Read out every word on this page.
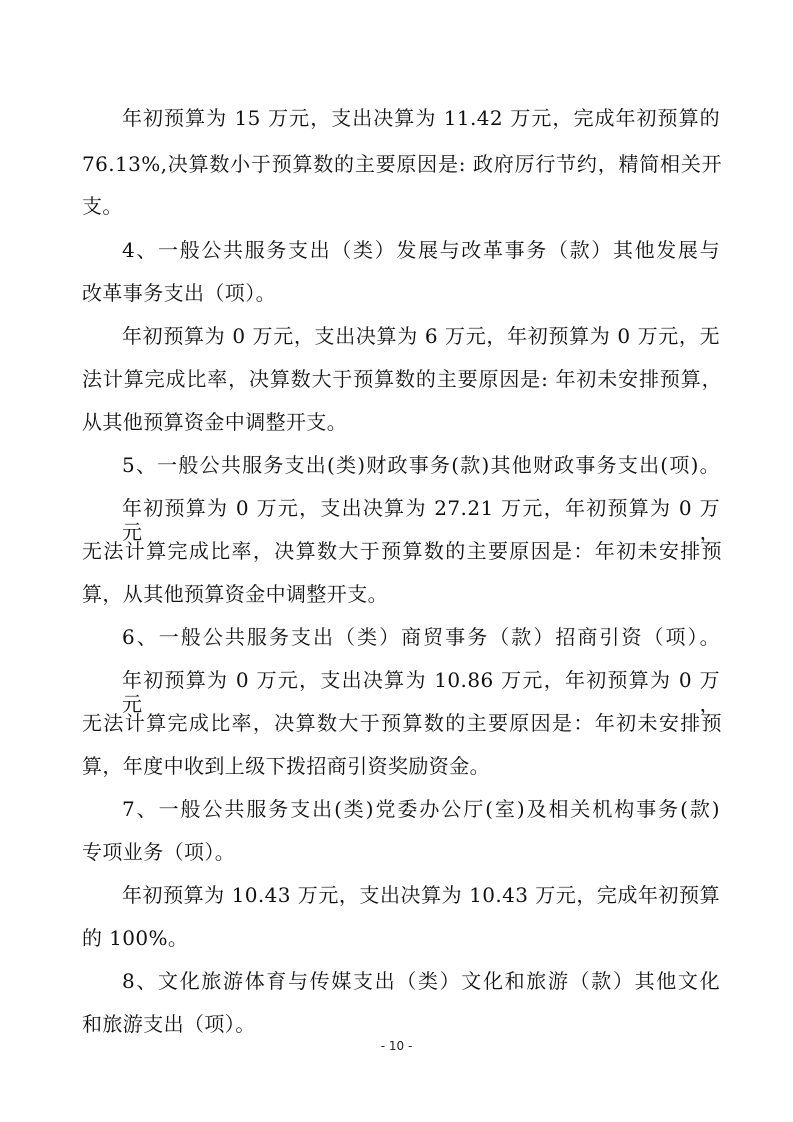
年初预算为 15 万元，支出决算为 11.42 万元，完成年初预算的
76.13%,决算数小于预算数的主要原因是: 政府厉行节约，精简相关开
支。
4、一般公共服务支出（类）发展与改革事务（款）其他发展与
改革事务支出（项）。
年初预算为 0 万元，支出决算为 6 万元，年初预算为 0 万元，无
法计算完成比率，决算数大于预算数的主要原因是: 年初未安排预算，
从其他预算资金中调整开支。
5、一般公共服务支出(类)财政事务(款)其他财政事务支出(项)。
年初预算为 0 万元，支出决算为 27.21 万元，年初预算为 0 万元，
无法计算完成比率，决算数大于预算数的主要原因是：年初未安排预
算，从其他预算资金中调整开支。
6、一般公共服务支出（类）商贸事务（款）招商引资（项）。
年初预算为 0 万元，支出决算为 10.86 万元，年初预算为 0 万元，
无法计算完成比率，决算数大于预算数的主要原因是：年初未安排预
算，年度中收到上级下拨招商引资奖励资金。
7、一般公共服务支出(类)党委办公厅(室)及相关机构事务(款)
专项业务（项）。
年初预算为 10.43 万元，支出决算为 10.43 万元，完成年初预算
的 100%。
8、文化旅游体育与传媒支出（类）文化和旅游（款）其他文化
和旅游支出（项）。
- 10 -
